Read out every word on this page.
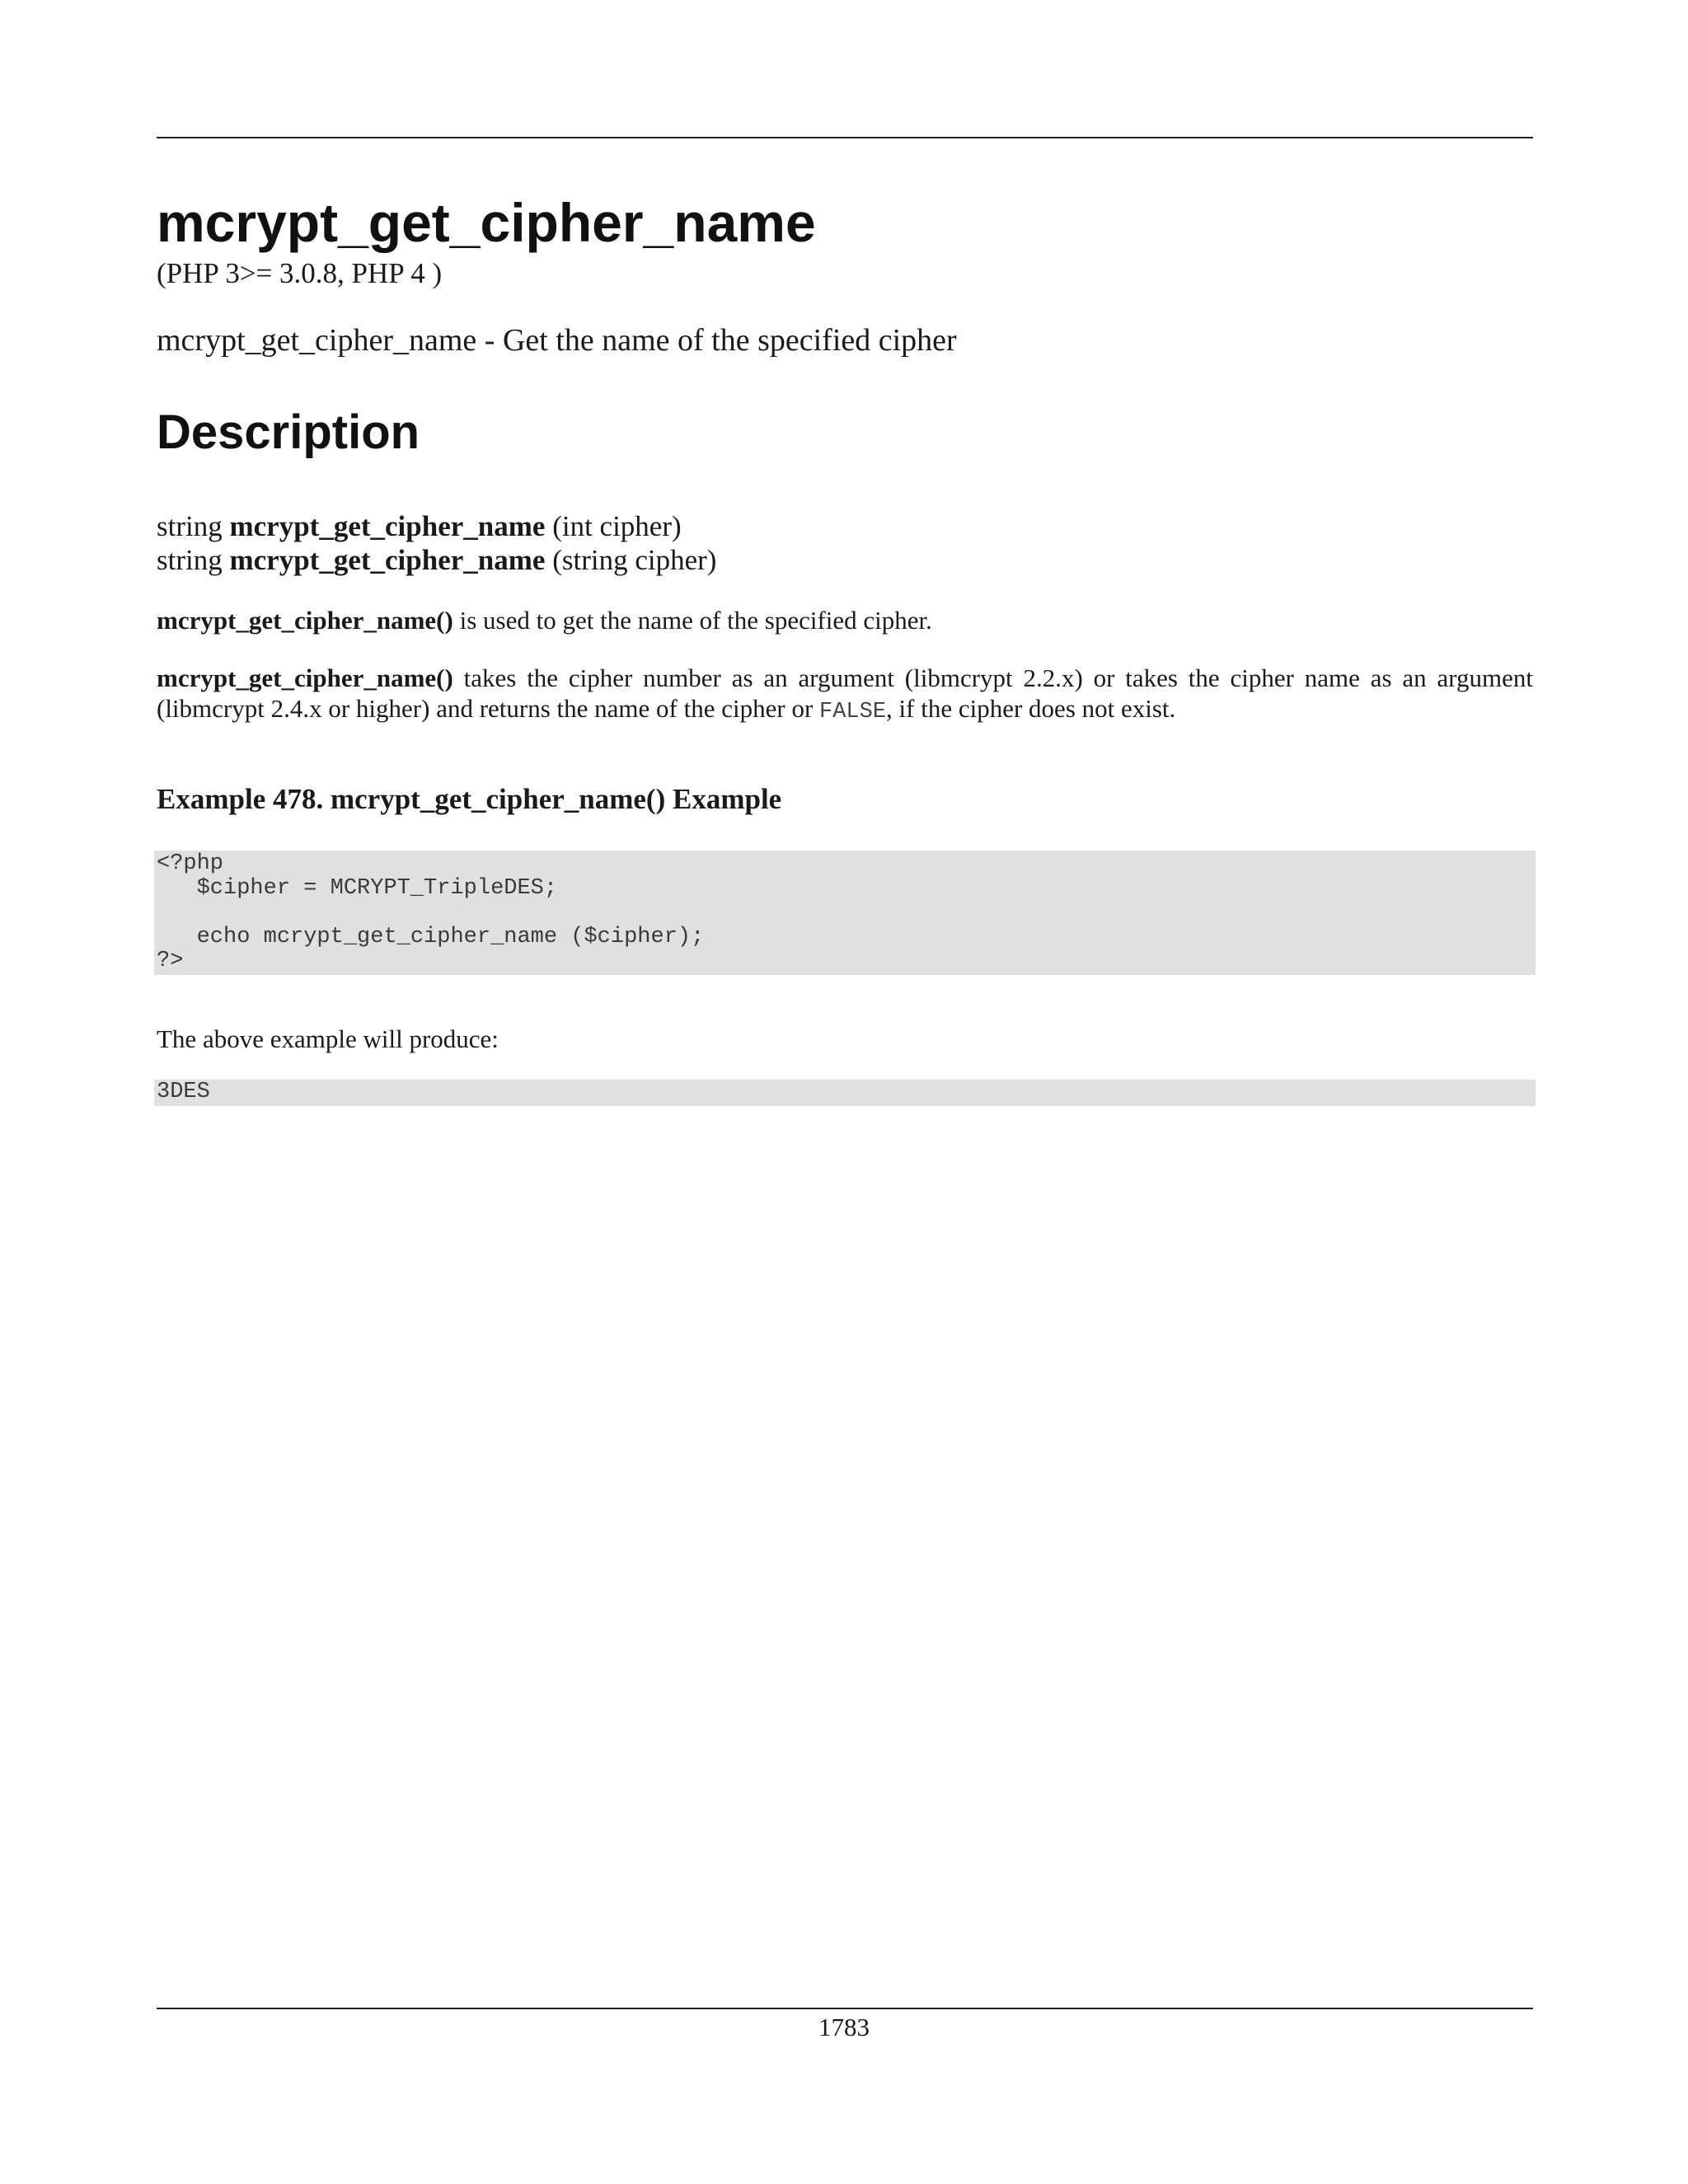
mcrypt_get_cipher_name
(PHP 3>= 3.0.8, PHP 4 )
mcrypt_get_cipher_name - Get the name of the specified cipher
Description
string mcrypt_get_cipher_name (int cipher)
string mcrypt_get_cipher_name (string cipher)
mcrypt_get_cipher_name() is used to get the name of the specified cipher.
mcrypt_get_cipher_name() takes the cipher number as an argument (libmcrypt 2.2.x) or takes the cipher name as an argument (libmcrypt 2.4.x or higher) and returns the name of the cipher or FALSE, if the cipher does not exist.
Example 478. mcrypt_get_cipher_name() Example
<?php
$cipher = MCRYPT_TripleDES;

echo mcrypt_get_cipher_name ($cipher);
?>
The above example will produce:
3DES
1783
